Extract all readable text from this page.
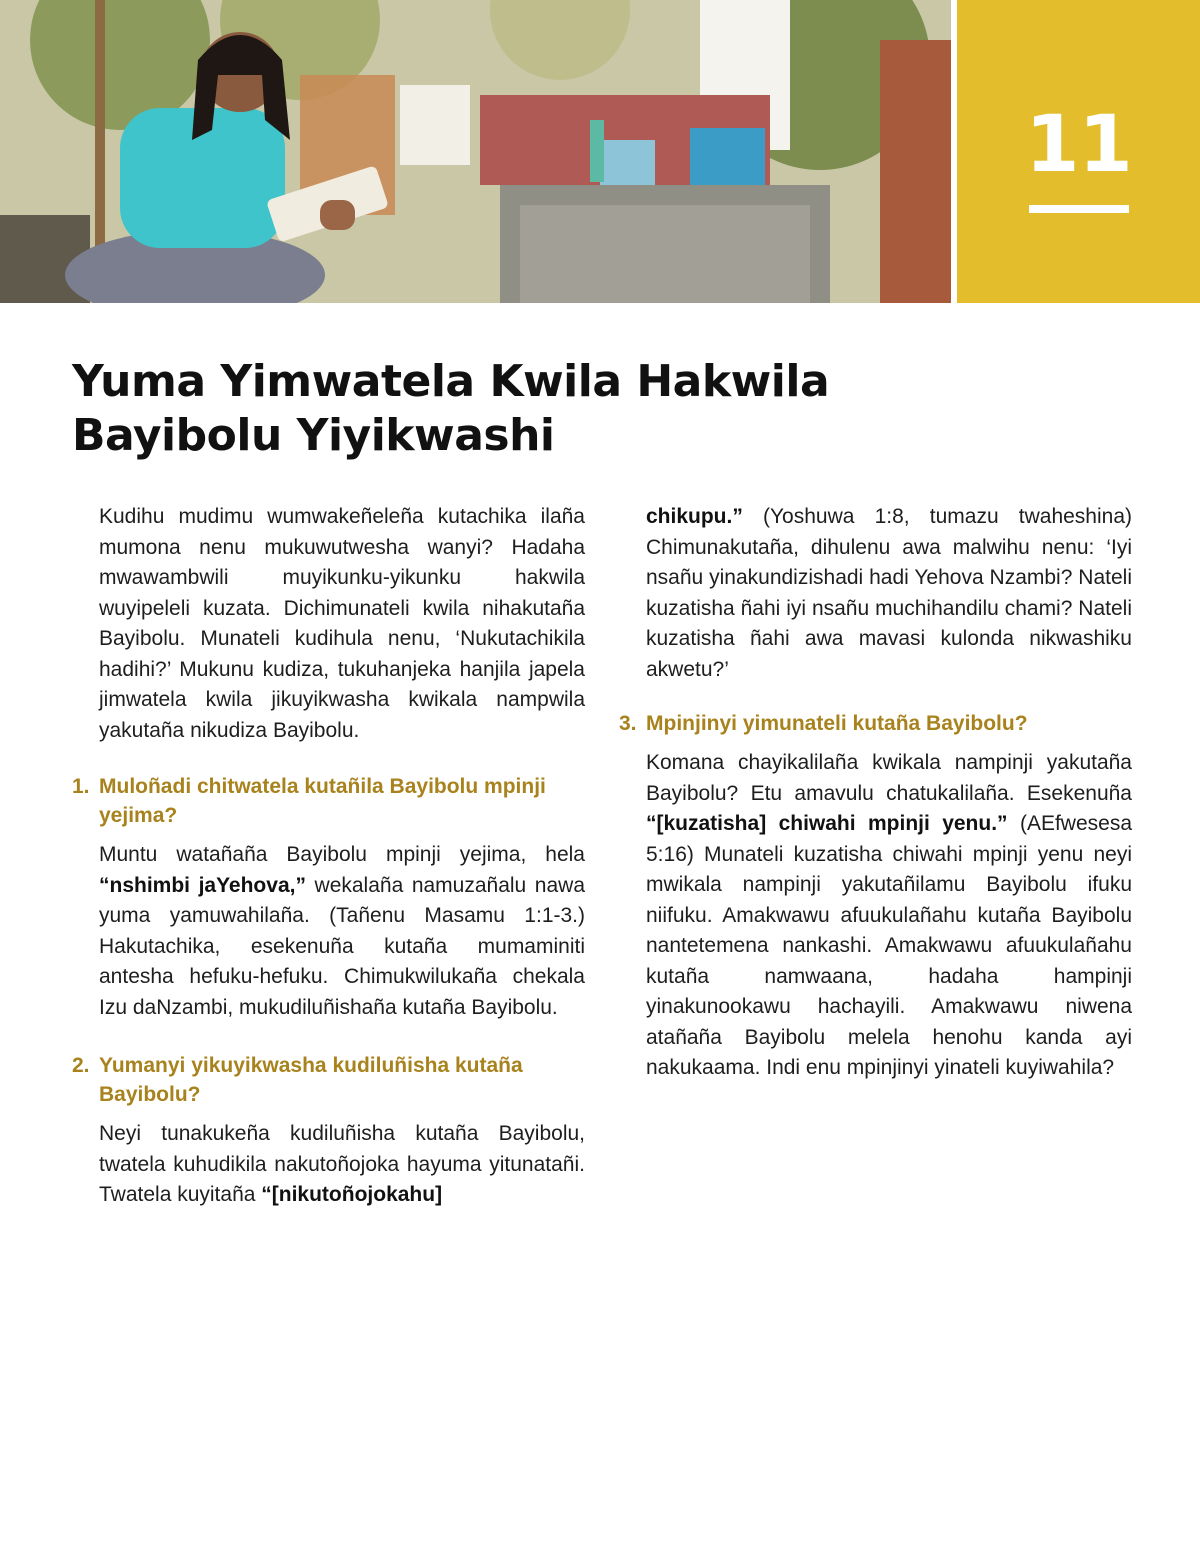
11
Yuma Yimwatela Kwila Hakwila
Bayibolu Yiyikwashi

Kudihu mudimu wumwakeñeleña kutachika ilaña mumona nenu mukuwutwesha wanyi? Hadaha mwawambwili muyikunku-yikunku hakwila wuyipeleli kuzata. Dichimunateli kwila nihakutaña Bayibolu. Munateli kudihula nenu, ‘Nukutachikila hadihi?’ Mukunu kudiza, tukuhanjeka hanjila japela jimwatela kwila jikuyikwasha kwikala nampwila yakutaña nikudiza Bayibolu.

1. Muloñadi chitwatela kutañila Bayibolu mpinji yejima?

Muntu watañaña Bayibolu mpinji yejima, hela “nshimbi jaYehova,” wekalaña namuzañalu nawa yuma yamuwahilaña. (Tañenu Masamu 1:1-3.) Hakutachika, esekenuña kutaña mumaminiti antesha hefuku-hefuku. Chimukwilukaña chekala Izu daNzambi, mukudiluñishaña kutaña Bayibolu.

2. Yumanyi yikuyikwasha kudiluñisha kutaña Bayibolu?

Neyi tunakukeña kudiluñisha kutaña Bayibolu, twatela kuhudikila nakutoñojoka hayuma yitunatañi. Twatela kuyitaña “[nikutoñojokahu]

chikupu.” (Yoshuwa 1:8, tumazu twaheshina) Chimunakutaña, dihulenu awa malwihu nenu: ‘Iyi nsañu yinakundizishadi hadi Yehova Nzambi? Nateli kuzatisha ñahi iyi nsañu muchihandilu chami? Nateli kuzatisha ñahi awa mavasi kulonda nikwashiku akwetu?’

3. Mpinjinyi yimunateli kutaña Bayibolu?

Komana chayikalilaña kwikala nampinji yakutaña Bayibolu? Etu amavulu chatukalilaña. Esekenuña “[kuzatisha] chiwahi mpinji yenu.” (AEfwesesa 5:16) Munateli kuzatisha chiwahi mpinji yenu neyi mwikala nampinji yakutañilamu Bayibolu ifuku niifuku. Amakwawu afuukulañahu kutaña Bayibolu nantetemena nankashi. Amakwawu afuukulañahu kutaña namwaana, hadaha hampinji yinakunookawu hachayili. Amakwawu niwena atañaña Bayibolu melela henohu kanda ayi nakukaama. Indi enu mpinjinyi yinateli kuyiwahila?
